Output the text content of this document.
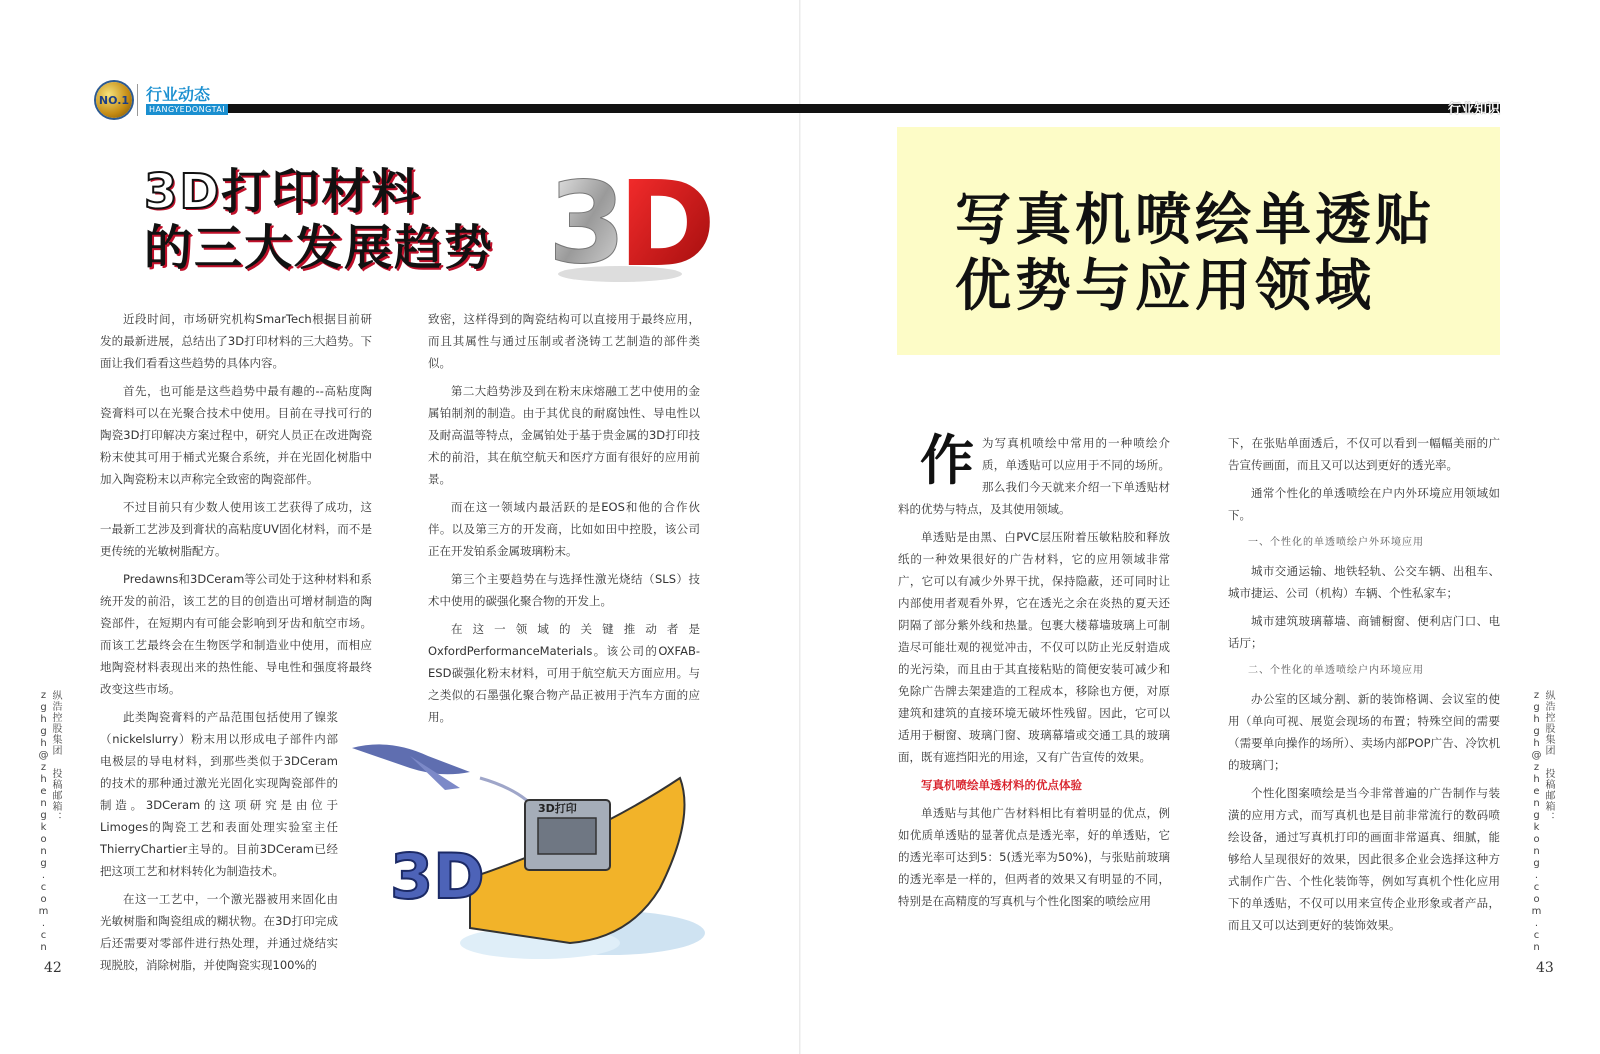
NO.1 行业动态
HANGYEDONGTAI	行业知识
3D打印材料
的三大发展趋势 D
3

近段时间，市场研究机构SmarTech根据目前研发的最新进展，总结出了3D打印材料的三大趋势。下面让我们看看这些趋势的具体内容。

首先，也可能是这些趋势中最有趣的--高粘度陶瓷膏料可以在光聚合技术中使用。目前在寻找可行的陶瓷3D打印解决方案过程中，研究人员正在改进陶瓷粉末使其可用于桶式光聚合系统，并在光固化树脂中加入陶瓷粉末以声称完全致密的陶瓷部件。

不过目前只有少数人使用该工艺获得了成功，这一最新工艺涉及到膏状的高粘度UV固化材料，而不是更传统的光敏树脂配方。

Predawns和3DCeram等公司处于这种材料和系统开发的前沿，该工艺的目的创造出可增材制造的陶瓷部件，在短期内有可能会影响到牙齿和航空市场。而该工艺最终会在生物医学和制造业中使用，而相应地陶瓷材料表现出来的热性能、导电性和强度将最终改变这些市场。

此类陶瓷膏料的产品范围包括使用了镍浆（nickelslurry）粉末用以形成电子部件内部电极层的导电材料，到那些类似于3DCeram的技术的那种通过激光光固化实现陶瓷部件的制造。3DCeram的这项研究是由位于Limoges的陶瓷工艺和表面处理实验室主任ThierryChartier主导的。目前3DCeram已经把这项工艺和材料转化为制造技术。

在这一工艺中，一个激光器被用来固化由光敏树脂和陶瓷组成的糊状物。在3D打印完成后还需要对零部件进行热处理，并通过烧结实现脱胶，消除树脂，并使陶瓷实现100%的

致密，这样得到的陶瓷结构可以直接用于最终应用，而且其属性与通过压制或者浇铸工艺制造的部件类似。

第二大趋势涉及到在粉末床熔融工艺中使用的金属铂制剂的制造。由于其优良的耐腐蚀性、导电性以及耐高温等特点，金属铂处于基于贵金属的3D打印技术的前沿，其在航空航天和医疗方面有很好的应用前景。

而在这一领域内最活跃的是EOS和他的合作伙伴。以及第三方的开发商，比如如田中控股，该公司正在开发铂系金属玻璃粉末。

第三个主要趋势在与选择性激光烧结（SLS）技术中使用的碳强化聚合物的开发上。

在这一领域的关键推动者是OxfordPerformanceMaterials。该公司的OXFAB-ESD碳强化粉末材料，可用于航空航天方面应用。与之类似的石墨强化聚合物产品正被用于汽车方面的应用。

3D打印
3D
纵浩控股集团 投稿邮箱：zghgh@zhengkong.com.cn
42
写真机喷绘单透贴
优势与应用领域

作为写真机喷绘中常用的一种喷绘介质，单透贴可以应用于不同的场所。那么我们今天就来介绍一下单透贴材料的优势与特点，及其使用领域。

单透贴是由黑、白PVC层压附着压敏粘胶和释放纸的一种效果很好的广告材料，它的应用领域非常广，它可以有减少外界干扰，保持隐蔽，还可同时让内部使用者观看外界，它在透光之余在炎热的夏天还阴隔了部分紫外线和热量。包裹大楼幕墙玻璃上可制造尽可能壮观的视觉冲击，不仅可以防止光反射造成的光污染，而且由于其直接粘贴的简便安装可减少和免除广告牌去架建造的工程成本，移除也方便，对原建筑和建筑的直接环境无破坏性残留。因此，它可以适用于橱窗、玻璃门窗、玻璃幕墙或交通工具的玻璃面，既有遮挡阳光的用途，又有广告宣传的效果。

写真机喷绘单透材料的优点体验

单透贴与其他广告材料相比有着明显的优点，例如优质单透贴的显著优点是透光率，好的单透贴，它的透光率可达到5：5(透光率为50%)，与张贴前玻璃的透光率是一样的，但两者的效果又有明显的不同，特别是在高精度的写真机与个性化图案的喷绘应用

下，在张贴单面透后，不仅可以看到一幅幅美丽的广告宣传画面，而且又可以达到更好的透光率。

通常个性化的单透喷绘在户内外环境应用领域如下。

一、个性化的单透喷绘户外环境应用

城市交通运输、地铁轻轨、公交车辆、出租车、城市捷运、公司（机构）车辆、个性私家车；

城市建筑玻璃幕墙、商铺橱窗、便利店门口、电话厅；

二、个性化的单透喷绘户内环境应用

办公室的区域分割、新的装饰格调、会议室的使用（单向可视、展览会现场的布置；特殊空间的需要（需要单向操作的场所）、卖场内部POP广告、冷饮机的玻璃门；

个性化图案喷绘是当今非常普遍的广告制作与装潢的应用方式，而写真机也是目前非常流行的数码喷绘设备，通过写真机打印的画面非常逼真、细腻，能够给人呈现很好的效果，因此很多企业会选择这种方式制作广告、个性化装饰等，例如写真机个性化应用下的单透贴，不仅可以用来宣传企业形象或者产品，而且又可以达到更好的装饰效果。

纵浩控股集团 投稿邮箱：zghgh@zhengkong.com.cn
43
